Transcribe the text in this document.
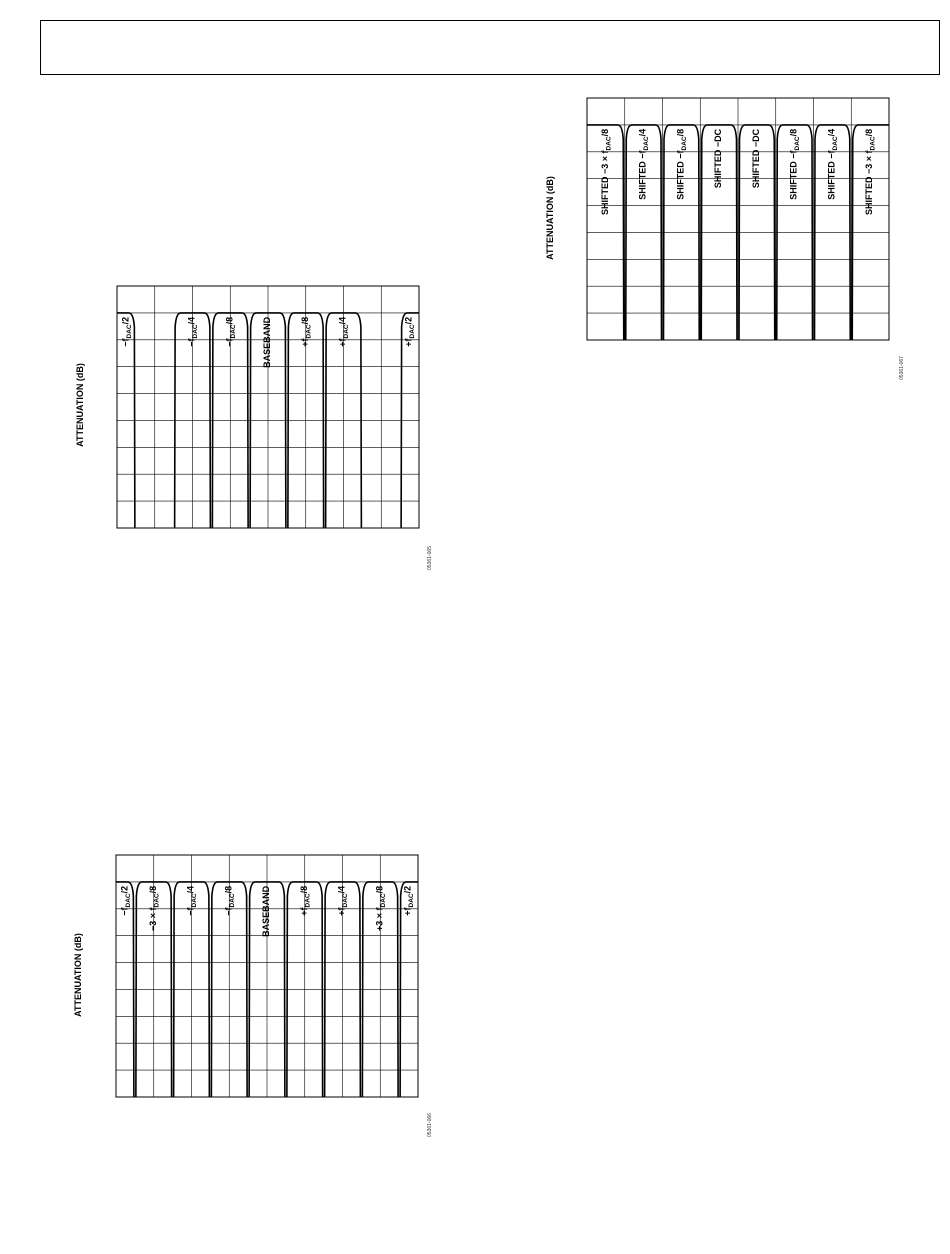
ATTENUATION (dB)
$-f_{DAC}/2$
$-f_{DAC}/4$
$-f_{DAC}/8$	BASEBAND	$+f_{DAC}/8$
$+f_{DAC}/4$
$+f_{DAC}/2$
05361-065
ATTENUATION (dB)
$-f_{DAC}/2$
$-3 \times f_{DAC}/8$
$-f_{DAC}/4$
$-f_{DAC}/8$	BASEBAND	$+f_{DAC}/8$
$+f_{DAC}/4$
$+3 \times f_{DAC}/8$
$+f_{DAC}/2$
05361-066
ATTENUATION (dB)	SHIFTED $-3 \times f_{DAC}/8$
SHIFTED $-f_{DAC}/4$
SHIFTED $-f_{DAC}/8$	SHIFTED −DC	SHIFTED −DC	SHIFTED $-f_{DAC}/8$
SHIFTED $-f_{DAC}/4$
SHIFTED $-3 \times f_{DAC}/8$
05361-067
